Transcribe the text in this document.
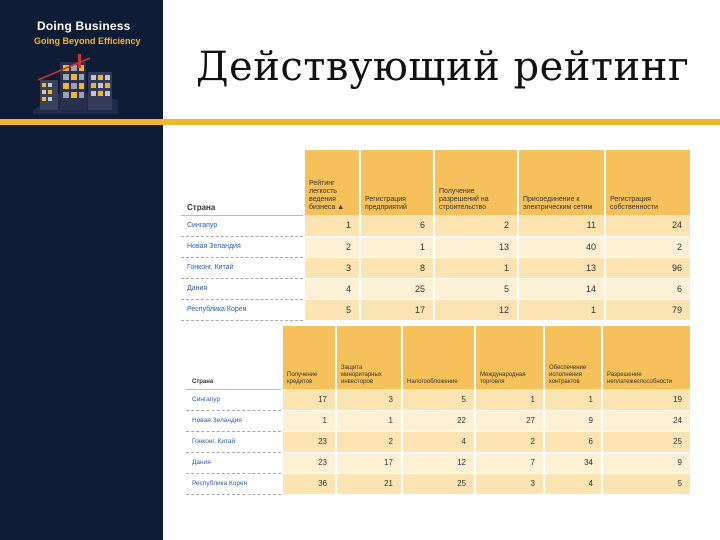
Doing Business
Going Beyond Efficiency
Действующий рейтинг
Страна	Рейтинг легкость ведения бизнеса ▲	Регистрация предприятий	Получение разрешений на строительство	Присоединение к электрическим сетям	Регистрация собственности
Сингапур	1	6	2	11	24
Новая Зеландия	2	1	13	40	2
Гонконг, Китай	3	8	1	13	96
Дания	4	25	5	14	6
Республика Корея	5	17	12	1	79
Страна	Получение кредитов	Защита миноритарных инвесторов	Налогообложение	Международная торговля	Обеспечение исполнения контрактов	Разрешение неплатежеспособности
Сингапур	17	3	5	1	1	19
Новая Зеландия	1	1	22	27	9	24
Гонконг, Китай	23	2	4	2	6	25
Дания	23	17	12	7	34	9
Республика Корея	36	21	25	3	4	5
